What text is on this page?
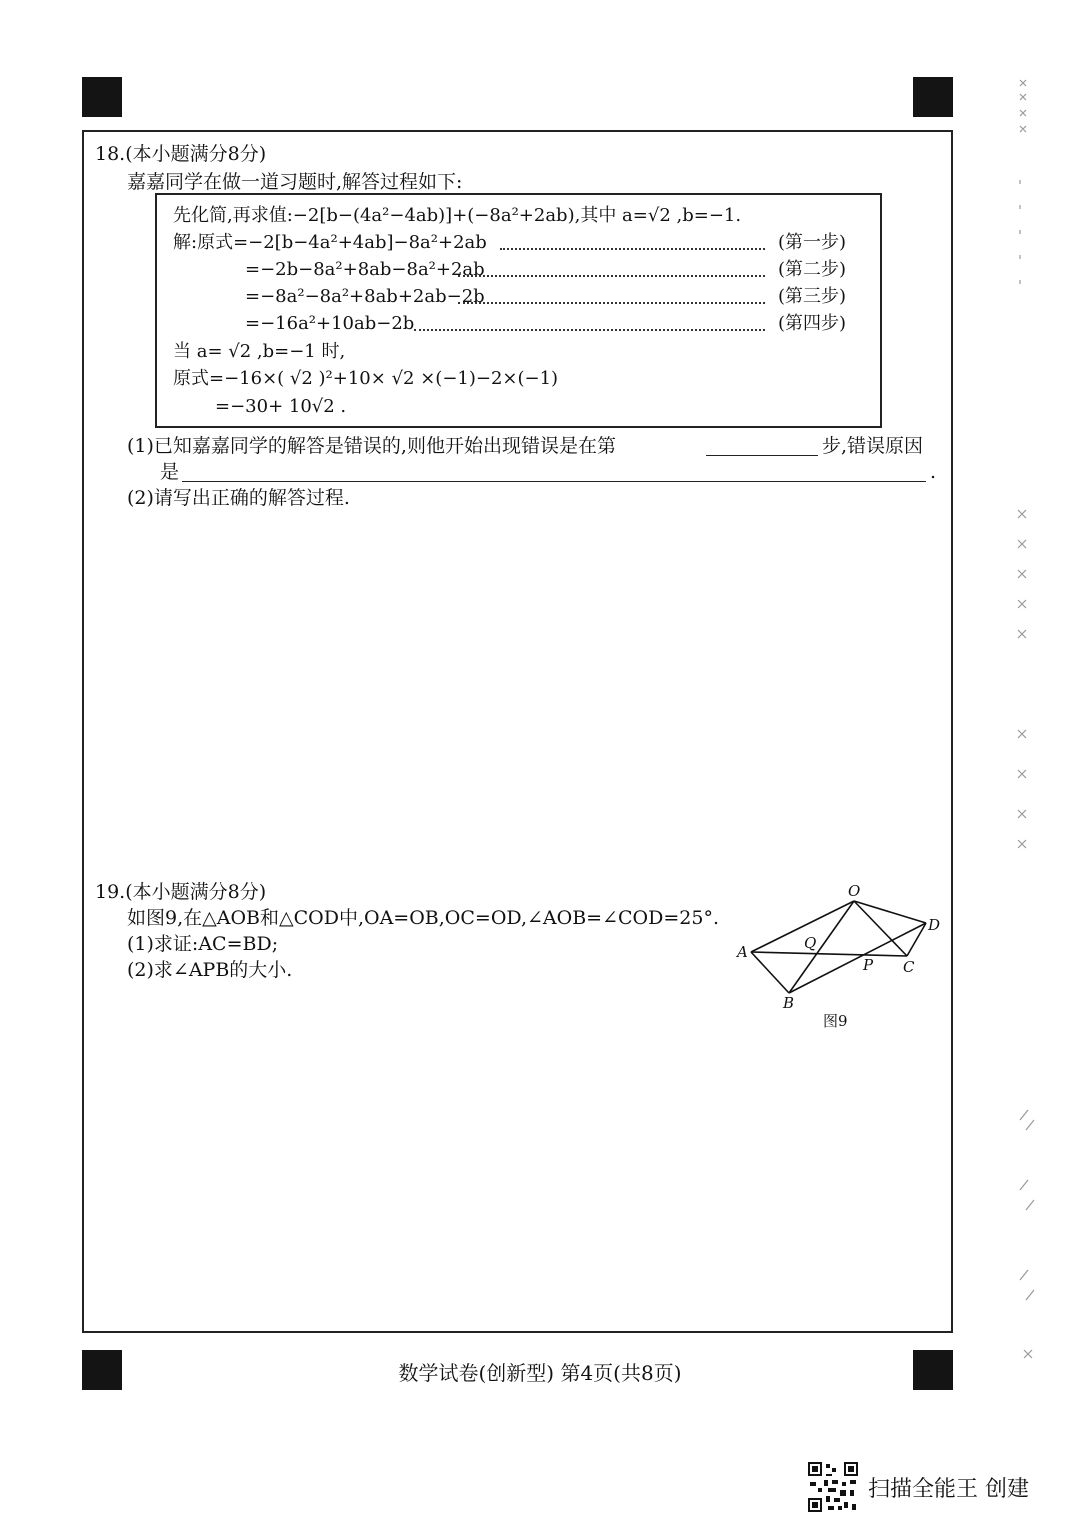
18.(本小题满分8分)
嘉嘉同学在做一道习题时,解答过程如下:
先化简,再求值:−2[b−(4a²−4ab)]+(−8a²+2ab),其中 a=√2 ,b=−1.
解:原式=−2[b−4a²+4ab]−8a²+2ab	(第一步)
=−2b−8a²+8ab−8a²+2ab	(第二步)
=−8a²−8a²+8ab+2ab−2b	(第三步)
=−16a²+10ab−2b	(第四步)
当 a= √2 ,b=−1 时,
原式=−16×( √2 )²+10× √2 ×(−1)−2×(−1)
=−30+ 10√2 .
(1)已知嘉嘉同学的解答是错误的,则他开始出现错误是在第	步,错误原因
是	.
(2)请写出正确的解答过程.
19.(本小题满分8分)
如图9,在△AOB和△COD中,OA=OB,OC=OD,∠AOB=∠COD=25°.
(1)求证:AC=BD;
(2)求∠APB的大小.
O
A
B
C
D
P
Q
图9
数学试卷(创新型) 第4页(共8页)
扫描全能王 创建
